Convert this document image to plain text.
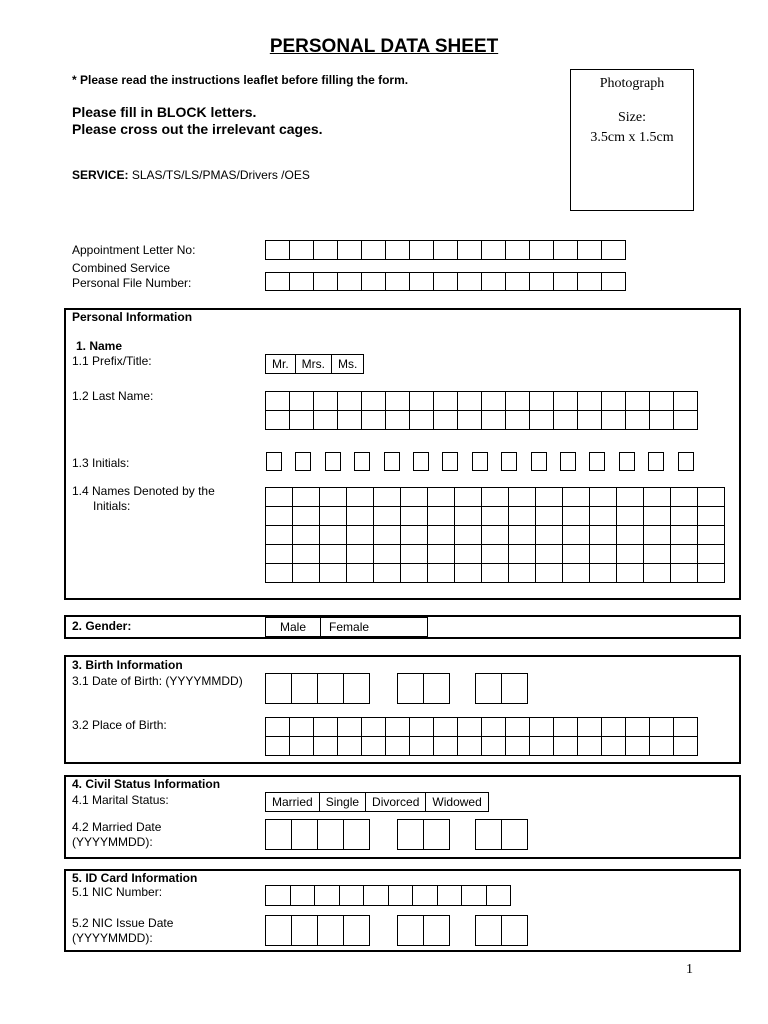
PERSONAL DATA SHEET
* Please read the instructions leaflet before filling the form.
Please fill in BLOCK letters.
Please cross out the irrelevant cages.
SERVICE: SLAS/TS/LS/PMAS/Drivers /OES
Photograph
Size:
3.5cm x 1.5cm
Appointment Letter No:
Combined Service
Personal File Number:
Personal Information
1. Name
1.1 Prefix/Title:	Mr.	Mrs.	Ms.
1.2 Last Name:
1.3 Initials:
1.4 Names Denoted by the
Initials:
2. Gender:	Male	Female
3. Birth Information
3.1 Date of Birth: (YYYYMMDD)
3.2 Place of Birth:
4. Civil Status Information
4.1 Marital Status:	Married	Single	Divorced	Widowed
4.2 Married Date
(YYYYMMDD):
5. ID Card Information
5.1 NIC Number:
5.2 NIC Issue Date
(YYYYMMDD):
1
